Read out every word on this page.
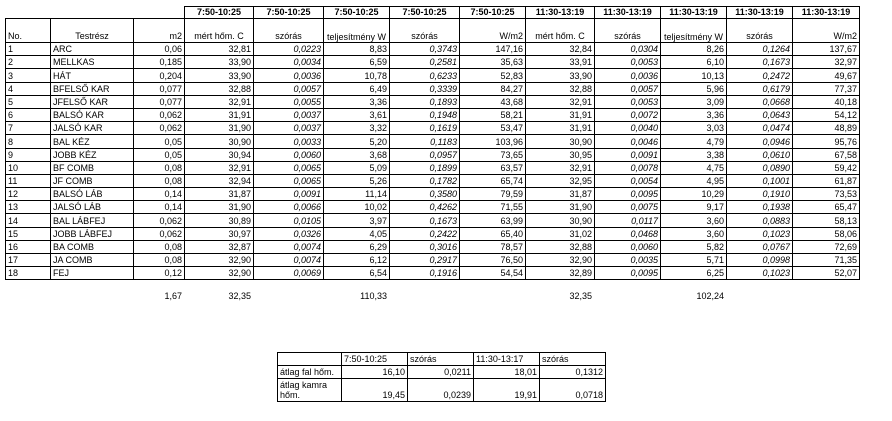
			7:50-10:25	7:50-10:25	7:50-10:25	7:50-10:25	7:50-10:25	11:30-13:19	11:30-13:19	11:30-13:19	11:30-13:19	11:30-13:19
No.	Testrész	m2	mért hőm. C	szórás	teljesítmény W	szórás	W/m2	mért hőm. C	szórás	teljesítmény W	szórás	W/m2
1	ARC	0,06	32,81	0,0223	8,83	0,3743	147,16	32,84	0,0304	8,26	0,1264	137,67
2	MELLKAS	0,185	33,90	0,0034	6,59	0,2581	35,63	33,91	0,0053	6,10	0,1673	32,97
3	HÁT	0,204	33,90	0,0036	10,78	0,6233	52,83	33,90	0,0036	10,13	0,2472	49,67
4	BFELSŐ KAR	0,077	32,88	0,0057	6,49	0,3339	84,27	32,88	0,0057	5,96	0,6179	77,37
5	JFELSŐ KAR	0,077	32,91	0,0055	3,36	0,1893	43,68	32,91	0,0053	3,09	0,0668	40,18
6	BALSÓ KAR	0,062	31,91	0,0037	3,61	0,1948	58,21	31,91	0,0072	3,36	0,0643	54,12
7	JALSÓ KAR	0,062	31,90	0,0037	3,32	0,1619	53,47	31,91	0,0040	3,03	0,0474	48,89
8	BAL KÉZ	0,05	30,90	0,0033	5,20	0,1183	103,96	30,90	0,0046	4,79	0,0946	95,76
9	JOBB KÉZ	0,05	30,94	0,0060	3,68	0,0957	73,65	30,95	0,0091	3,38	0,0610	67,58
10	BF COMB	0,08	32,91	0,0065	5,09	0,1899	63,57	32,91	0,0078	4,75	0,0890	59,42
11	JF COMB	0,08	32,94	0,0065	5,26	0,1782	65,74	32,95	0,0054	4,95	0,1001	61,87
12	BALSÓ LÁB	0,14	31,87	0,0091	11,14	0,3580	79,59	31,87	0,0095	10,29	0,1910	73,53
13	JALSÓ LÁB	0,14	31,90	0,0066	10,02	0,4262	71,55	31,90	0,0075	9,17	0,1938	65,47
14	BAL LÁBFEJ	0,062	30,89	0,0105	3,97	0,1673	63,99	30,90	0,0117	3,60	0,0883	58,13
15	JOBB LÁBFEJ	0,062	30,97	0,0326	4,05	0,2422	65,40	31,02	0,0468	3,60	0,1023	58,06
16	BA COMB	0,08	32,87	0,0074	6,29	0,3016	78,57	32,88	0,0060	5,82	0,0767	72,69
17	JA COMB	0,08	32,90	0,0074	6,12	0,2917	76,50	32,90	0,0035	5,71	0,0998	71,35
18	FEJ	0,12	32,90	0,0069	6,54	0,1916	54,54	32,89	0,0095	6,25	0,1023	52,07
		1,67	32,35		110,33			32,35		102,24
	7:50-10:25	szórás	11:30-13:17	szórás
átlag fal hőm.	16,10	0,0211	18,01	0,1312
átlag kamra hőm.	19,45	0,0239	19,91	0,0718
